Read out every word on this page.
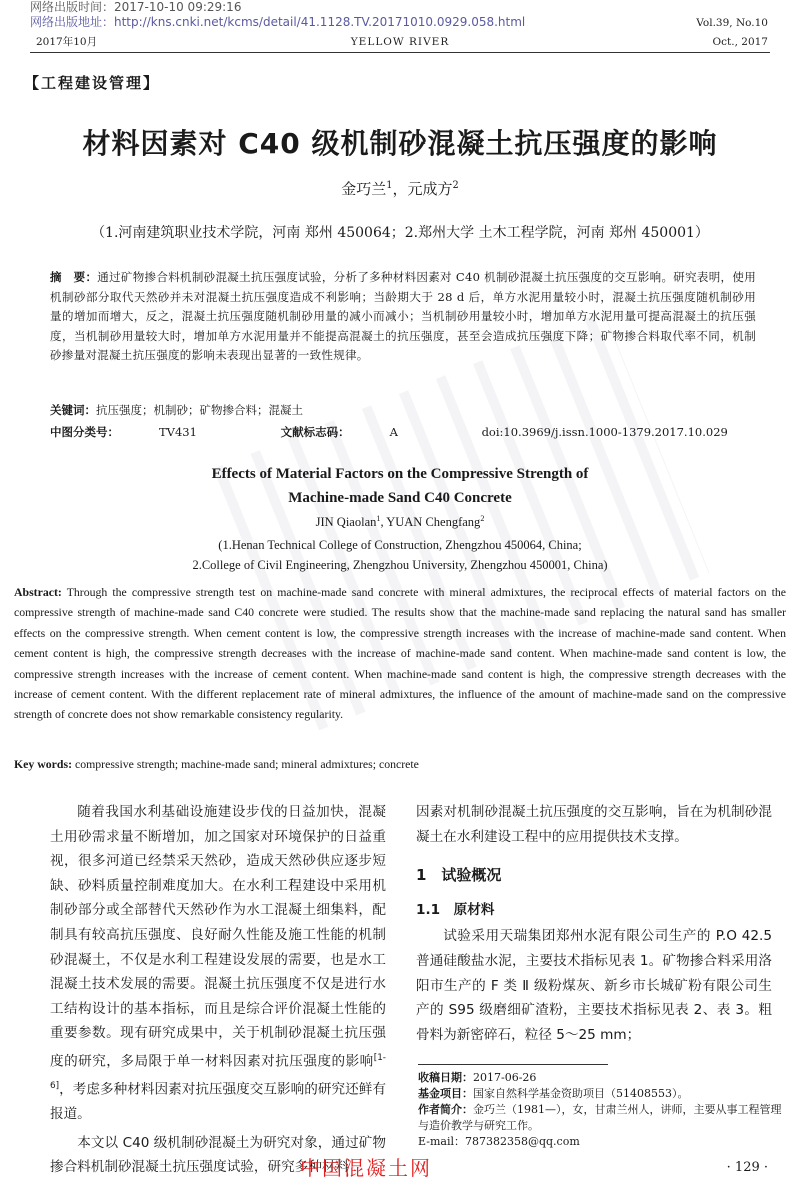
网络出版时间：2017-10-10 09:29:16
网络出版地址：http://kns.cnki.net/kcms/detail/41.1128.TV.20171010.0929.058.html
2017年10月	YELLOW RIVER
Vol.39, No.10
Oct., 2017
【工程建设管理】
材料因素对 C40 级机制砂混凝土抗压强度的影响
金巧兰$^1$，元成方$^2$
（1.河南建筑职业技术学院，河南 郑州 450064；2.郑州大学 土木工程学院，河南 郑州 450001）
摘　要：通过矿物掺合料机制砂混凝土抗压强度试验，分析了多种材料因素对 C40 机制砂混凝土抗压强度的交互影响。研究表明，使用机制砂部分取代天然砂并未对混凝土抗压强度造成不利影响；当龄期大于 28 d 后，单方水泥用量较小时，混凝土抗压强度随机制砂用量的增加而增大，反之，混凝土抗压强度随机制砂用量的减小而减小；当机制砂用量较小时，增加单方水泥用量可提高混凝土的抗压强度，当机制砂用量较大时，增加单方水泥用量并不能提高混凝土的抗压强度，甚至会造成抗压强度下降；矿物掺合料取代率不同，机制砂掺量对混凝土抗压强度的影响未表现出显著的一致性规律。
关键词：抗压强度；机制砂；矿物掺合料；混凝土
中图分类号：	TV431	文献标志码：	A	doi:10.3969/j.issn.1000-1379.2017.10.029
Effects of Material Factors on the Compressive Strength of
Machine-made Sand C40 Concrete
JIN Qiaolan$^1$, YUAN Chengfang$^2$
(1.Henan Technical College of Construction, Zhengzhou 450064, China;
2.College of Civil Engineering, Zhengzhou University, Zhengzhou 450001, China)
Abstract: Through the compressive strength test on machine-made sand concrete with mineral admixtures, the reciprocal effects of material factors on the compressive strength of machine-made sand C40 concrete were studied. The results show that the machine-made sand replacing the natural sand has smaller effects on the compressive strength. When cement content is low, the compressive strength increases with the increase of machine-made sand content. When cement content is high, the compressive strength decreases with the increase of machine-made sand content. When machine-made sand content is low, the compressive strength increases with the increase of cement content. When machine-made sand content is high, the compressive strength decreases with the increase of cement content. With the different replacement rate of mineral admixtures, the influence of the amount of machine-made sand on the compressive strength of concrete does not show remarkable consistency regularity.
Key words: compressive strength; machine-made sand; mineral admixtures; concrete

随着我国水利基础设施建设步伐的日益加快，混凝土用砂需求量不断增加，加之国家对环境保护的日益重视，很多河道已经禁采天然砂，造成天然砂供应逐步短缺、砂料质量控制难度加大。在水利工程建设中采用机制砂部分或全部替代天然砂作为水工混凝土细集料，配制具有较高抗压强度、良好耐久性能及施工性能的机制砂混凝土，不仅是水利工程建设发展的需要，也是水工混凝土技术发展的需要。混凝土抗压强度不仅是进行水工结构设计的基本指标，而且是综合评价混凝土性能的重要参数。现有研究成果中，关于机制砂混凝土抗压强度的研究，多局限于单一材料因素对抗压强度的影响[1-6]，考虑多种材料因素对抗压强度交互影响的研究还鲜有报道。

本文以 C40 级机制砂混凝土为研究对象，通过矿物掺合料机制砂混凝土抗压强度试验，研究多种材料

因素对机制砂混凝土抗压强度的交互影响，旨在为机制砂混凝土在水利建设工程中的应用提供技术支撑。

1　试验概况
1.1　原材料

试验采用天瑞集团郑州水泥有限公司生产的 P.O 42.5 普通硅酸盐水泥，主要技术指标见表 1。矿物掺合料采用洛阳市生产的 F 类 Ⅱ 级粉煤灰、新乡市长城矿粉有限公司生产的 S95 级磨细矿渣粉，主要技术指标见表 2、表 3。粗骨料为新密碎石，粒径 5～25 mm；

收稿日期：2017-06-26
基金项目：国家自然科学基金资助项目（51408553）。
作者简介：金巧兰（1981—），女，甘肃兰州人，讲师，主要从事工程管理与造价教学与研究工作。
E-mail：787382358@qq.com
中国混凝土网	· 129 ·
